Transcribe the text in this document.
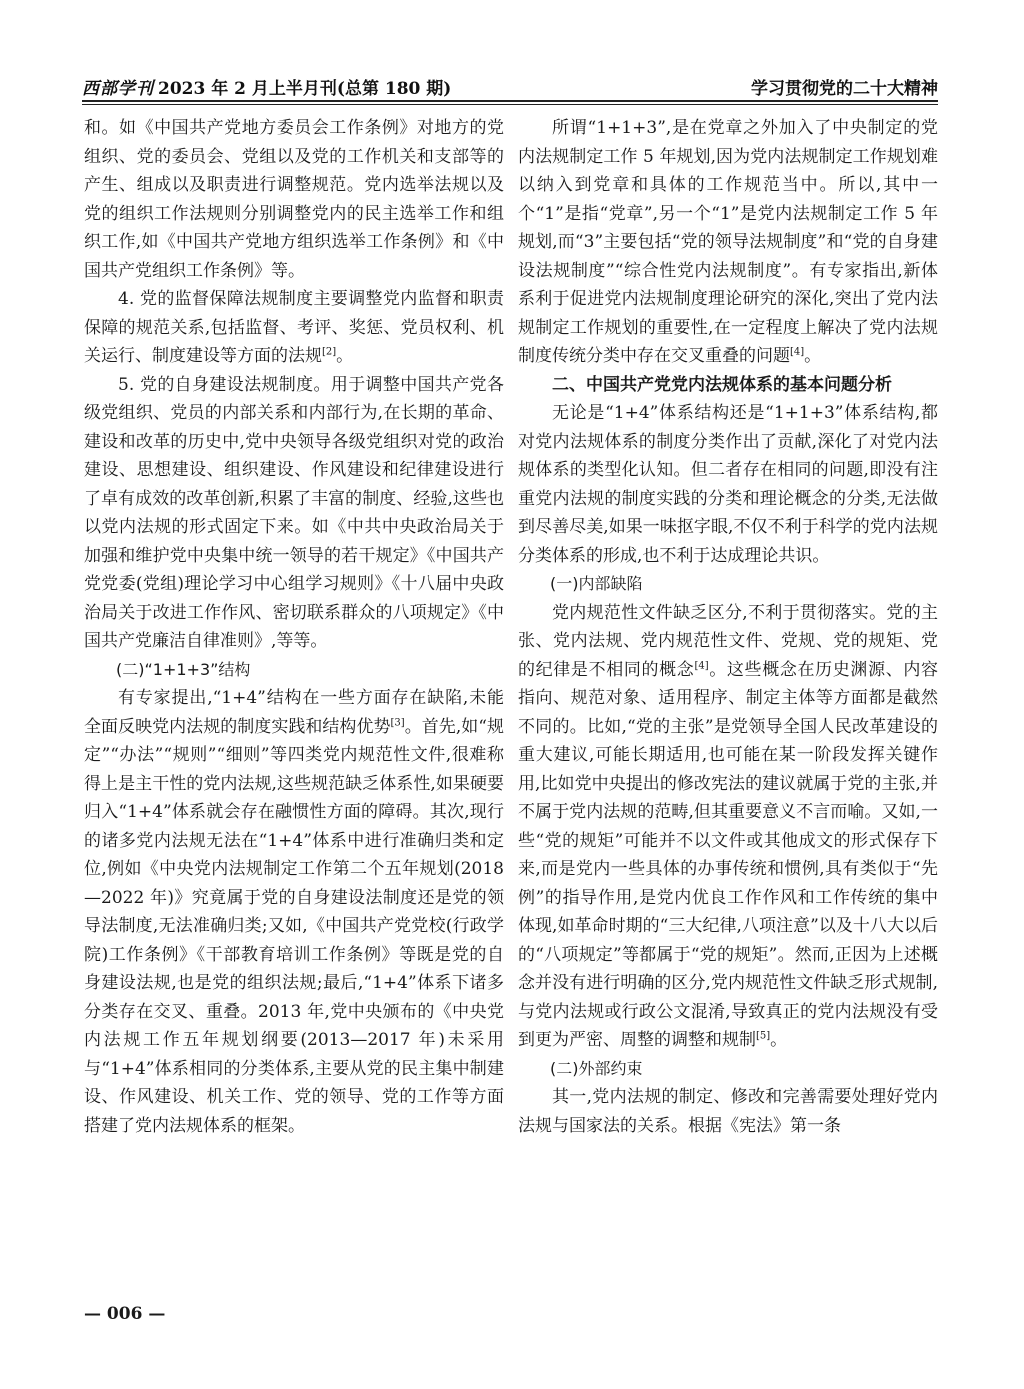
西部学刊 2023 年 2 月上半月刊(总第 180 期)	学习贯彻党的二十大精神

和。如《中国共产党地方委员会工作条例》对地方的党组织、党的委员会、党组以及党的工作机关和支部等的产生、组成以及职责进行调整规范。党内选举法规以及党的组织工作法规则分别调整党内的民主选举工作和组织工作,如《中国共产党地方组织选举工作条例》和《中国共产党组织工作条例》等。

4. 党的监督保障法规制度主要调整党内监督和职责保障的规范关系,包括监督、考评、奖惩、党员权利、机关运行、制度建设等方面的法规[2]。

5. 党的自身建设法规制度。用于调整中国共产党各级党组织、党员的内部关系和内部行为,在长期的革命、建设和改革的历史中,党中央领导各级党组织对党的政治建设、思想建设、组织建设、作风建设和纪律建设进行了卓有成效的改革创新,积累了丰富的制度、经验,这些也以党内法规的形式固定下来。如《中共中央政治局关于加强和维护党中央集中统一领导的若干规定》《中国共产党党委(党组)理论学习中心组学习规则》《十八届中央政治局关于改进工作作风、密切联系群众的八项规定》《中国共产党廉洁自律准则》,等等。

(二)“1+1+3”结构

有专家提出,“1+4”结构在一些方面存在缺陷,未能全面反映党内法规的制度实践和结构优势[3]。首先,如“规定”“办法”“规则”“细则”等四类党内规范性文件,很难称得上是主干性的党内法规,这些规范缺乏体系性,如果硬要归入“1+4”体系就会存在融惯性方面的障碍。其次,现行的诸多党内法规无法在“1+4”体系中进行准确归类和定位,例如《中央党内法规制定工作第二个五年规划(2018—2022 年)》究竟属于党的自身建设法制度还是党的领导法制度,无法准确归类;又如,《中国共产党党校(行政学院)工作条例》《干部教育培训工作条例》等既是党的自身建设法规,也是党的组织法规;最后,“1+4”体系下诸多分类存在交叉、重叠。2013 年,党中央颁布的《中央党内法规工作五年规划纲要(2013—2017 年)未采用与“1+4”体系相同的分类体系,主要从党的民主集中制建设、作风建设、机关工作、党的领导、党的工作等方面搭建了党内法规体系的框架。

所谓“1+1+3”,是在党章之外加入了中央制定的党内法规制定工作 5 年规划,因为党内法规制定工作规划难以纳入到党章和具体的工作规范当中。所以,其中一个“1”是指“党章”,另一个“1”是党内法规制定工作 5 年规划,而“3”主要包括“党的领导法规制度”和“党的自身建设法规制度”“综合性党内法规制度”。有专家指出,新体系利于促进党内法规制度理论研究的深化,突出了党内法规制定工作规划的重要性,在一定程度上解决了党内法规制度传统分类中存在交叉重叠的问题[4]。

二、中国共产党党内法规体系的基本问题分析

无论是“1+4”体系结构还是“1+1+3”体系结构,都对党内法规体系的制度分类作出了贡献,深化了对党内法规体系的类型化认知。但二者存在相同的问题,即没有注重党内法规的制度实践的分类和理论概念的分类,无法做到尽善尽美,如果一味抠字眼,不仅不利于科学的党内法规分类体系的形成,也不利于达成理论共识。

(一)内部缺陷

党内规范性文件缺乏区分,不利于贯彻落实。党的主张、党内法规、党内规范性文件、党规、党的规矩、党的纪律是不相同的概念[4]。这些概念在历史渊源、内容指向、规范对象、适用程序、制定主体等方面都是截然不同的。比如,“党的主张”是党领导全国人民改革建设的重大建议,可能长期适用,也可能在某一阶段发挥关键作用,比如党中央提出的修改宪法的建议就属于党的主张,并不属于党内法规的范畴,但其重要意义不言而喻。又如,一些“党的规矩”可能并不以文件或其他成文的形式保存下来,而是党内一些具体的办事传统和惯例,具有类似于“先例”的指导作用,是党内优良工作作风和工作传统的集中体现,如革命时期的“三大纪律,八项注意”以及十八大以后的“八项规定”等都属于“党的规矩”。然而,正因为上述概念并没有进行明确的区分,党内规范性文件缺乏形式规制,与党内法规或行政公文混淆,导致真正的党内法规没有受到更为严密、周整的调整和规制[5]。

(二)外部约束

其一,党内法规的制定、修改和完善需要处理好党内法规与国家法的关系。根据《宪法》第一条

— 006 —
